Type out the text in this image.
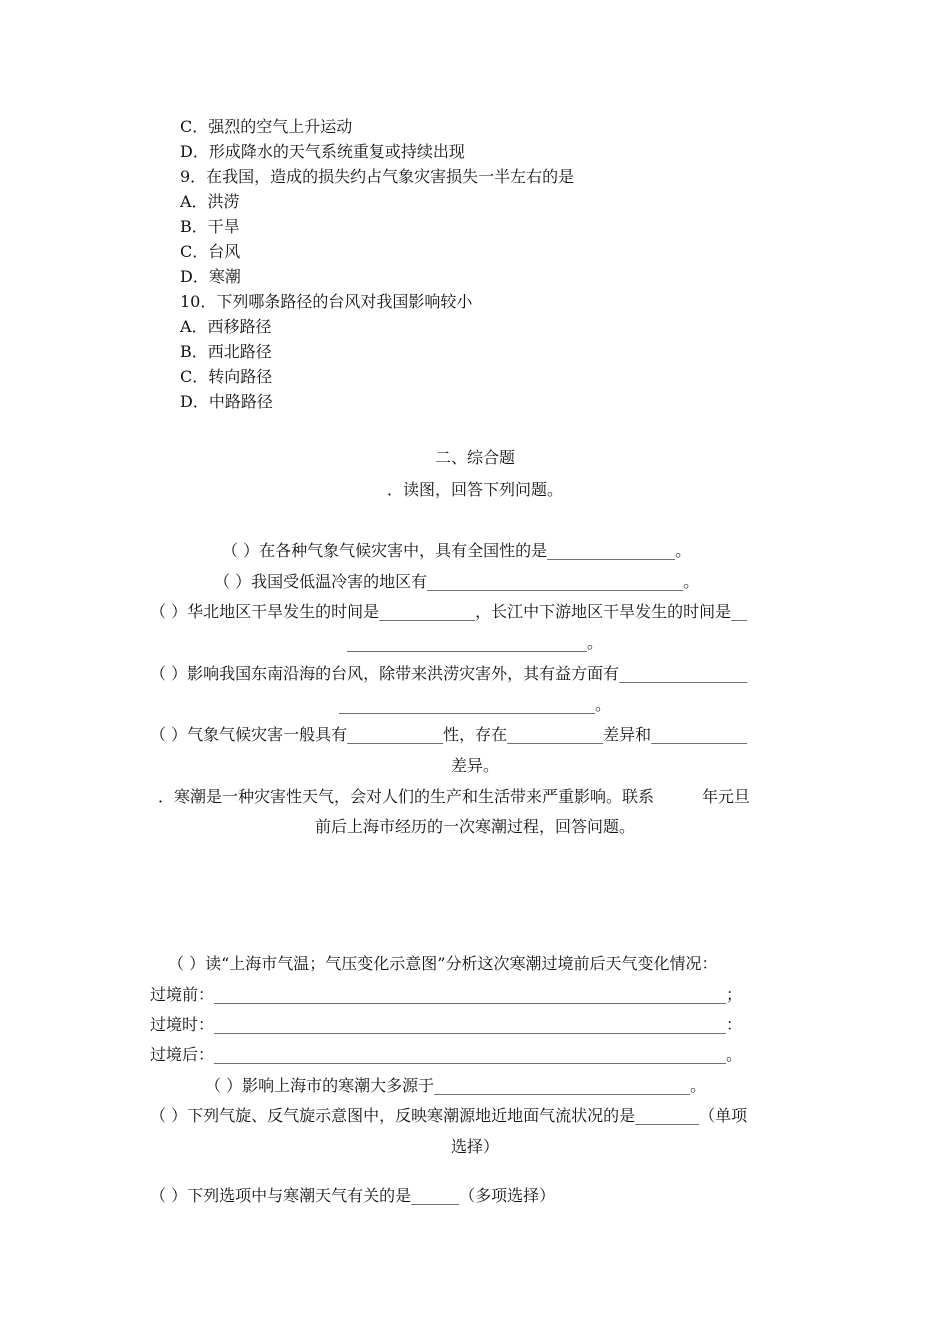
C．强烈的空气上升运动
D．形成降水的天气系统重复或持续出现
9．在我国，造成的损失约占气象灾害损失一半左右的是
A．洪涝
B．干旱
C．台风
D．寒潮
10．下列哪条路径的台风对我国影响较小
A．西移路径
B．西北路径
C．转向路径
D．中路路径
二、综合题
．读图，回答下列问题。
（ ）在各种气象气候灾害中，具有全国性的是________________。
（ ）我国受低温冷害的地区有________________________________。
（ ）华北地区干旱发生的时间是____________，长江中下游地区干旱发生的时间是__
______________________________。
（ ）影响我国东南沿海的台风，除带来洪涝灾害外，其有益方面有________________
________________________________。
（ ）气象气候灾害一般具有____________性，存在____________差异和____________
差异。
．寒潮是一种灾害性天气，会对人们的生产和生活带来严重影响。联系　　　年元旦
前后上海市经历的一次寒潮过程，回答问题。
（ ）读“上海市气温；气压变化示意图”分析这次寒潮过境前后天气变化情况：
过境前：________________________________________________________________；
过境时：________________________________________________________________：
过境后：________________________________________________________________。
（ ）影响上海市的寒潮大多源于________________________________。
（ ）下列气旋、反气旋示意图中，反映寒潮源地近地面气流状况的是________（单项
选择）
（ ）下列选项中与寒潮天气有关的是______（多项选择）
